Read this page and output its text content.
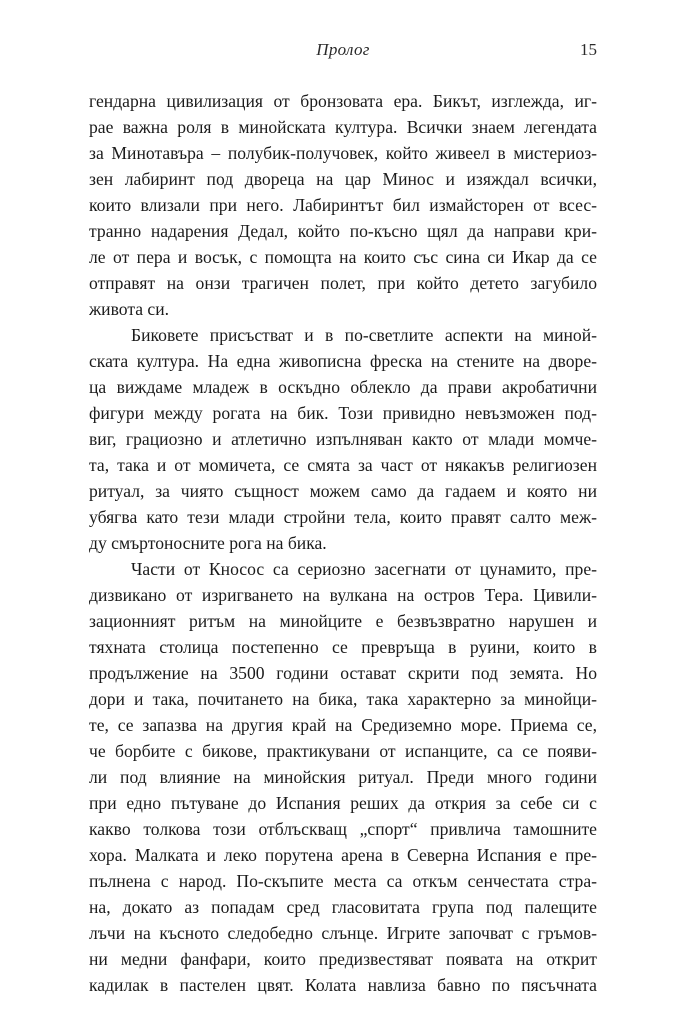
Пролог	15
гендарна цивилизация от бронзовата ера. Бикът, изглежда, иг-
рае важна роля в минойската култура. Всички знаем легендата
за Минотавъра – полубик-получовек, който живеел в мистериоз-
зен лабиринт под двореца на цар Минос и изяждал всички,
които влизали при него. Лабиринтът бил измайсторен от всес-
транно надарения Дедал, който по-късно щял да направи кри-
ле от пера и восък, с помощта на които със сина си Икар да се
отправят на онзи трагичен полет, при който детето загубило
живота си.
Биковете присъстват и в по-светлите аспекти на миной-
ската култура. На една живописна фреска на стените на дворе-
ца виждаме младеж в оскъдно облекло да прави акробатични
фигури между рогата на бик. Този привидно невъзможен под-
виг, грациозно и атлетично изпълняван както от млади момче-
та, така и от момичета, се смята за част от някакъв религиозен
ритуал, за чиято същност можем само да гадаем и която ни
убягва като тези млади стройни тела, които правят салто меж-
ду смъртоносните рога на бика.
Части от Кносос са сериозно засегнати от цунамито, пре-
дизвикано от изригването на вулкана на остров Тера. Цивили-
зационният ритъм на минойците е безвъзвратно нарушен и
тяхната столица постепенно се превръща в руини, които в
продължение на 3500 години остават скрити под земята. Но
дори и така, почитането на бика, така характерно за минойци-
те, се запазва на другия край на Средиземно море. Приема се,
че борбите с бикове, практикувани от испанците, са се появи-
ли под влияние на минойския ритуал. Преди много години
при едно пътуване до Испания реших да открия за себе си с
какво толкова този отблъскващ „спорт“ привлича тамошните
хора. Малката и леко порутена арена в Северна Испания е пре-
пълнена с народ. По-скъпите места са откъм сенчестата стра-
на, докато аз попадам сред гласовитата група под палещите
лъчи на късното следобедно слънце. Игрите започват с гръмов-
ни медни фанфари, които предизвестяват появата на открит
кадилак в пастелен цвят. Колата навлиза бавно по пясъчната
